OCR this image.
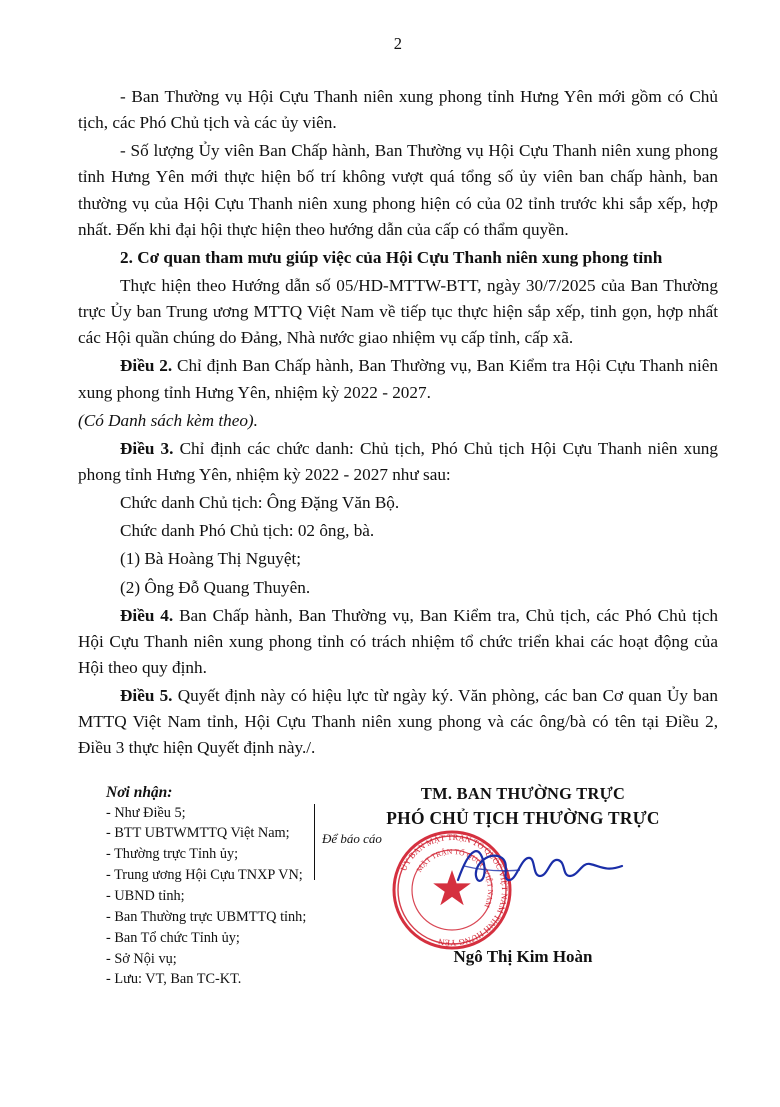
2

- Ban Thường vụ Hội Cựu Thanh niên xung phong tỉnh Hưng Yên mới gồm có Chủ tịch, các Phó Chủ tịch và các ủy viên.

- Số lượng Ủy viên Ban Chấp hành, Ban Thường vụ Hội Cựu Thanh niên xung phong tỉnh Hưng Yên mới thực hiện bố trí không vượt quá tổng số ủy viên ban chấp hành, ban thường vụ của Hội Cựu Thanh niên xung phong hiện có của 02 tỉnh trước khi sắp xếp, hợp nhất. Đến khi đại hội thực hiện theo hướng dẫn của cấp có thẩm quyền.

2. Cơ quan tham mưu giúp việc của Hội Cựu Thanh niên xung phong tỉnh

Thực hiện theo Hướng dẫn số 05/HD-MTTW-BTT, ngày 30/7/2025 của Ban Thường trực Ủy ban Trung ương MTTQ Việt Nam về tiếp tục thực hiện sắp xếp, tinh gọn, hợp nhất các Hội quần chúng do Đảng, Nhà nước giao nhiệm vụ cấp tỉnh, cấp xã.

Điều 2. Chỉ định Ban Chấp hành, Ban Thường vụ, Ban Kiểm tra Hội Cựu Thanh niên xung phong tỉnh Hưng Yên, nhiệm kỳ 2022 - 2027.

(Có Danh sách kèm theo).

Điều 3. Chỉ định các chức danh: Chủ tịch, Phó Chủ tịch Hội Cựu Thanh niên xung phong tỉnh Hưng Yên, nhiệm kỳ 2022 - 2027 như sau:

Chức danh Chủ tịch: Ông Đặng Văn Bộ.

Chức danh Phó Chủ tịch: 02 ông, bà.

(1) Bà Hoàng Thị Nguyệt;

(2) Ông Đỗ Quang Thuyên.

Điều 4. Ban Chấp hành, Ban Thường vụ, Ban Kiểm tra, Chủ tịch, các Phó Chủ tịch Hội Cựu Thanh niên xung phong tỉnh có trách nhiệm tổ chức triển khai các hoạt động của Hội theo quy định.

Điều 5. Quyết định này có hiệu lực từ ngày ký. Văn phòng, các ban Cơ quan Ủy ban MTTQ Việt Nam tỉnh, Hội Cựu Thanh niên xung phong và các ông/bà có tên tại Điều 2, Điều 3 thực hiện Quyết định này./.

Nơi nhận:
- Như Điều 5;
- BTT UBTWMTTQ Việt Nam;
- Thường trực Tỉnh ủy;
- Trung ương Hội Cựu TNXP VN;
- UBND tỉnh;
- Ban Thường trực UBMTTQ tỉnh;
- Ban Tổ chức Tỉnh ủy;
- Sở Nội vụ;
- Lưu: VT, Ban TC-KT.
Để báo cáo
TM. BAN THƯỜNG TRỰC
PHÓ CHỦ TỊCH THƯỜNG TRỰC
Ngô Thị Kim Hoàn
ỦY BAN MẶT TRẬN TỔ QUỐC VIỆT NAM TỈNH HƯNG YÊN
MẶT TRẬN TỔ QUỐC VIỆT NAM
